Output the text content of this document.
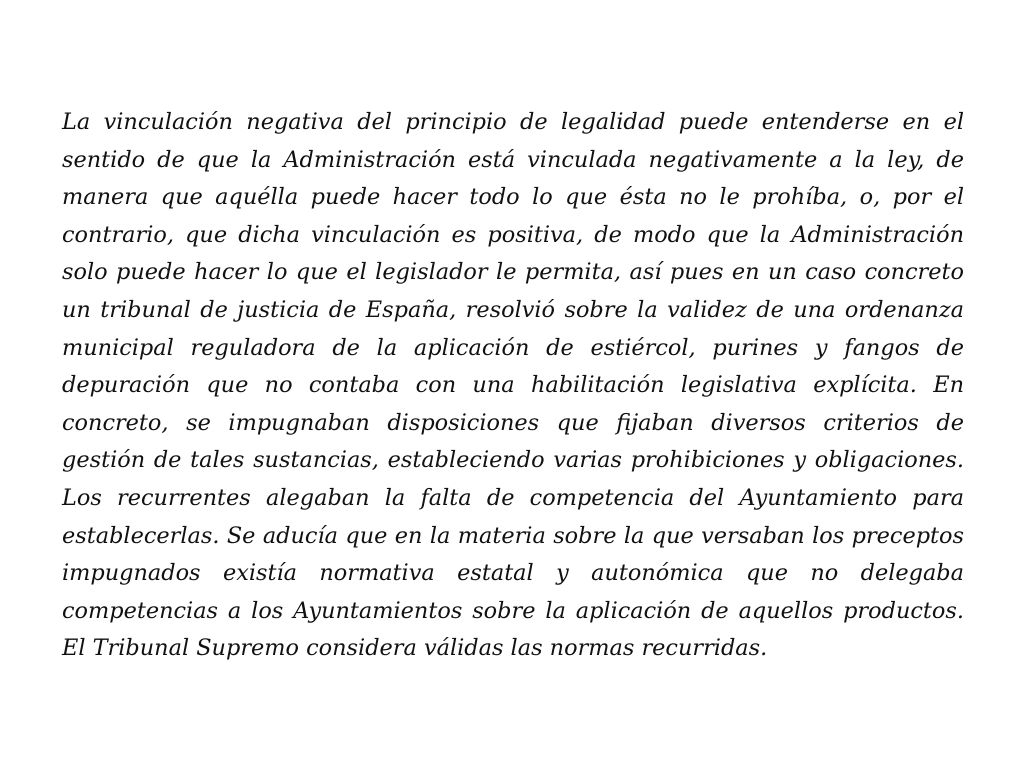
La vinculación negativa del principio de legalidad puede entenderse en el sentido de que la Administración está vinculada negativamente a la ley, de manera que aquélla puede hacer todo lo que ésta no le prohíba, o, por el contrario, que dicha vinculación es positiva, de modo que la Administración solo puede hacer lo que el legislador le permita, así pues en un caso concreto un tribunal de justicia de España, resolvió sobre la validez de una ordenanza municipal reguladora de la aplicación de estiércol, purines y fangos de depuración que no contaba con una habilitación legislativa explícita. En concreto, se impugnaban disposiciones que fijaban diversos criterios de gestión de tales sustancias, estableciendo varias prohibiciones y obligaciones. Los recurrentes alegaban la falta de competencia del Ayuntamiento para establecerlas. Se aducía que en la materia sobre la que versaban los preceptos impugnados existía normativa estatal y autonómica que no delegaba competencias a los Ayuntamientos sobre la aplicación de aquellos productos. El Tribunal Supremo considera válidas las normas recurridas.
